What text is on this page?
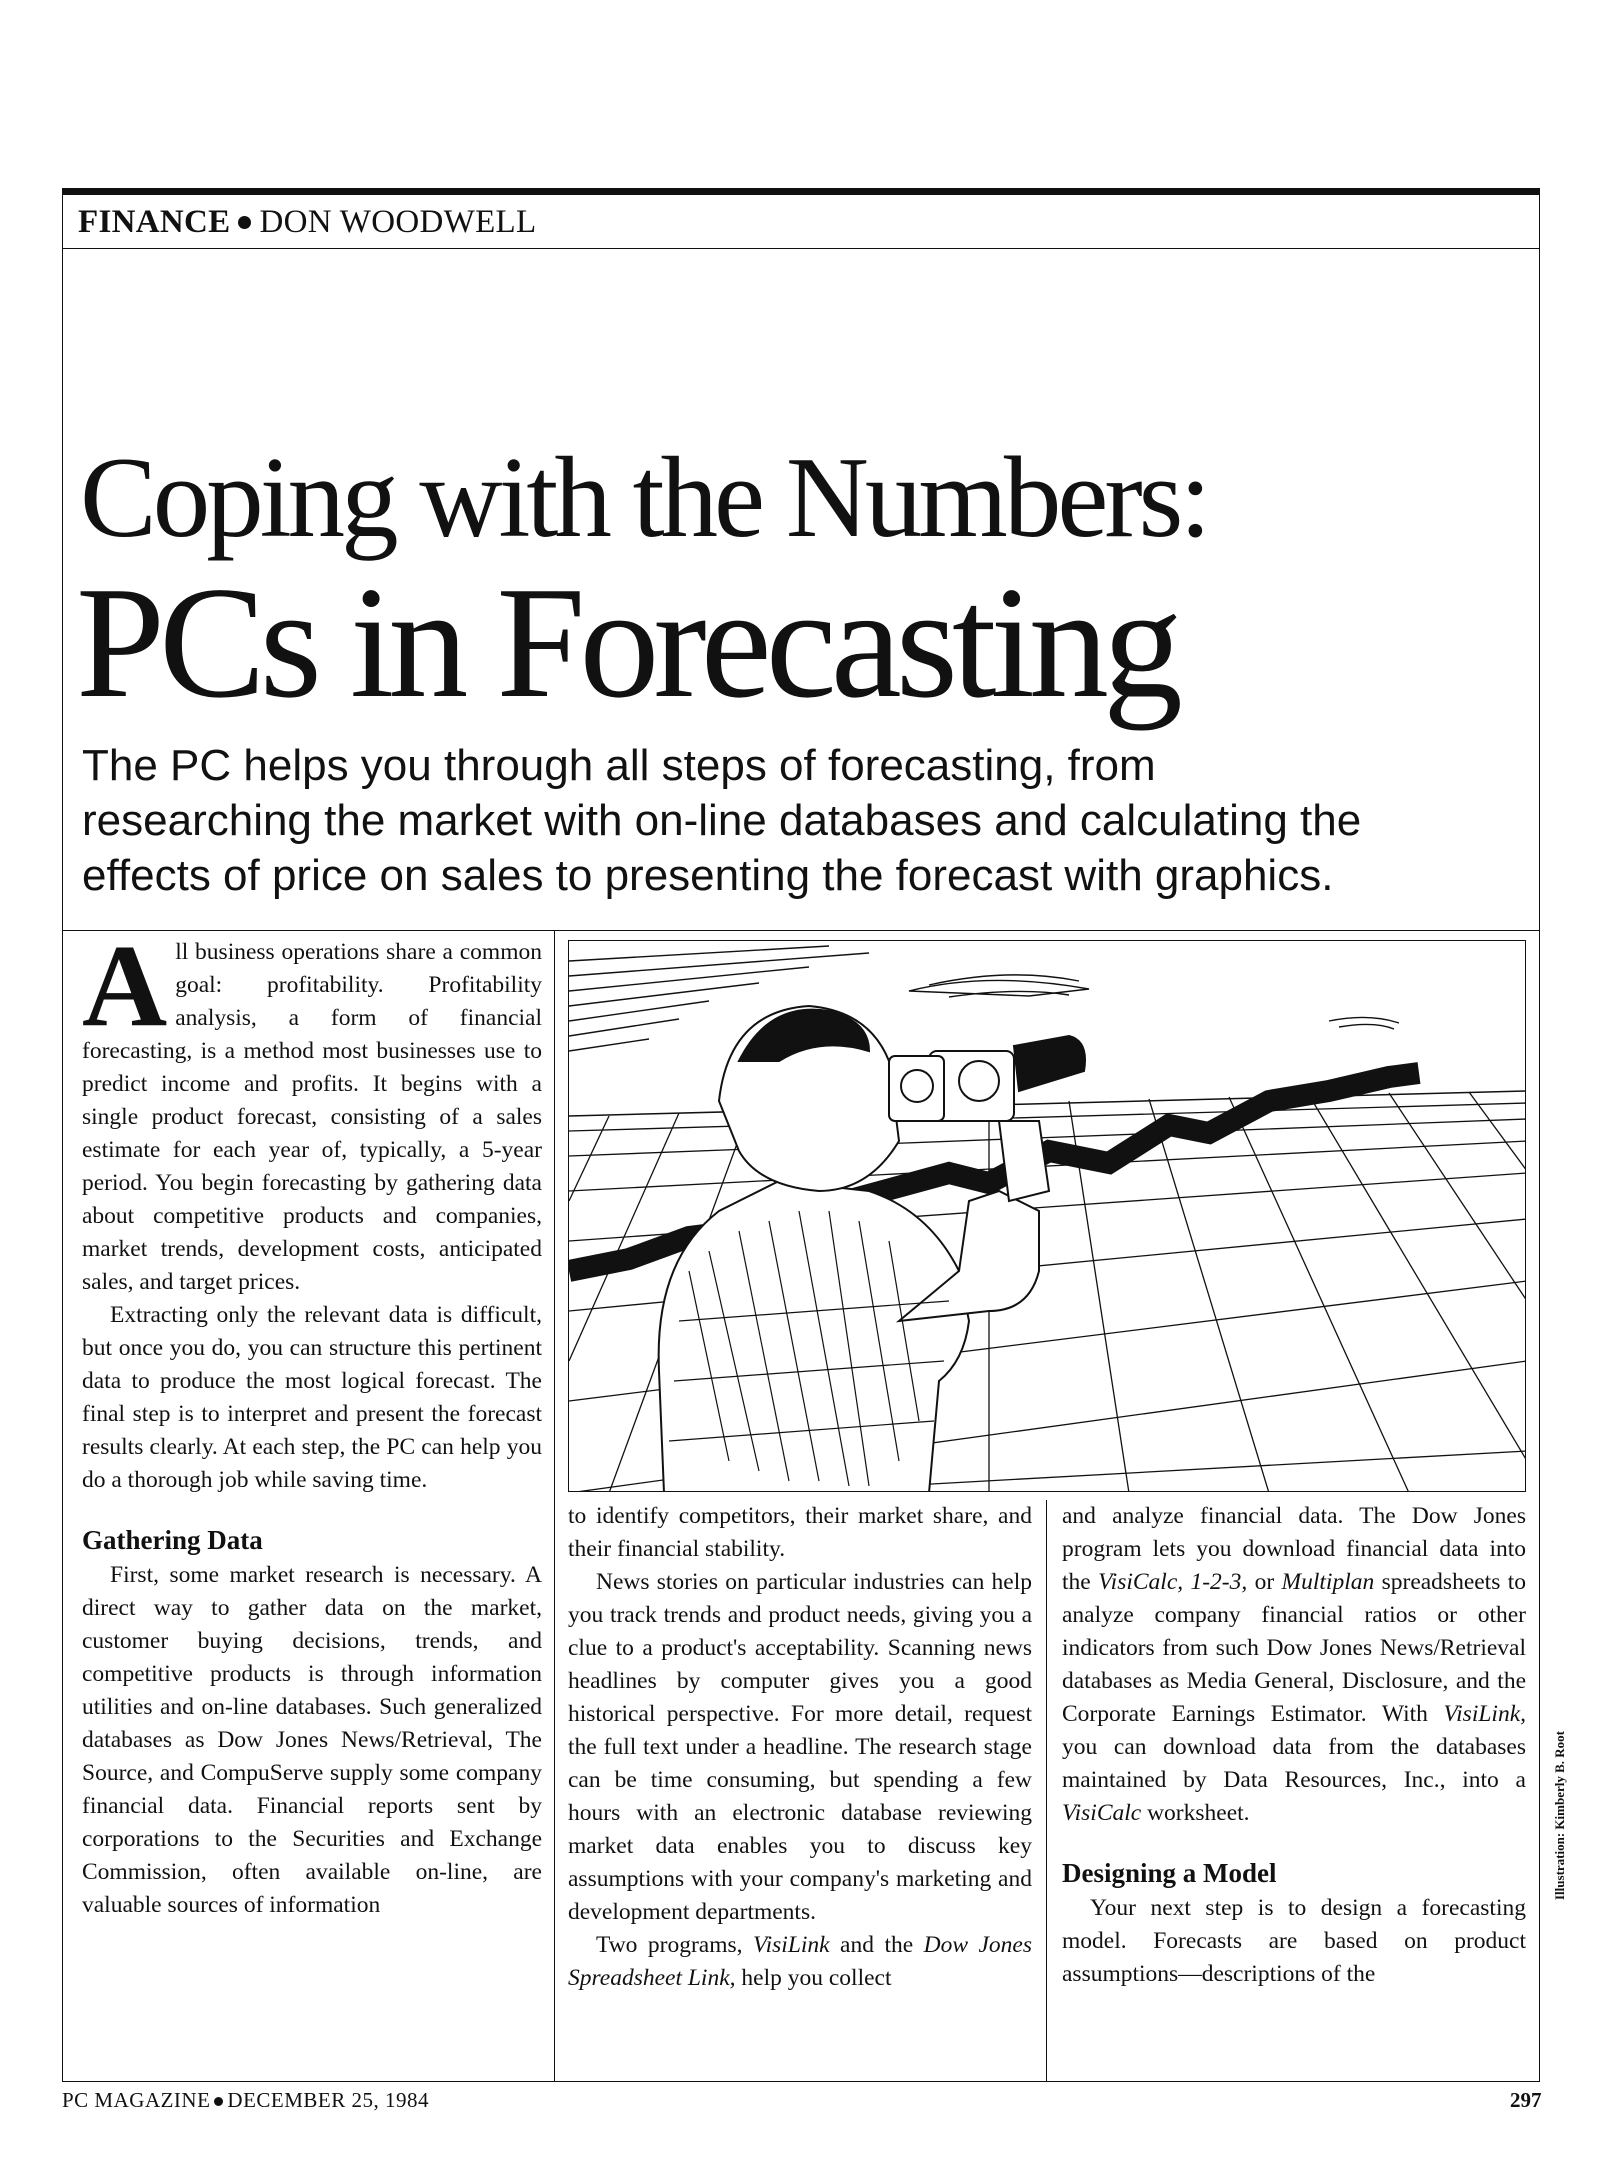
FINANCE DON WOODWELL
Coping with the Numbers:
PCs in Forecasting
The PC helps you through all steps of forecasting, from
researching the market with on-line databases and calculating the
effects of price on sales to presenting the forecast with graphics.

All business operations share a common goal: profitability. Profitability analysis, a form of financial forecasting, is a method most businesses use to predict income and profits. It begins with a single product forecast, consisting of a sales estimate for each year of, typically, a 5-year period. You begin forecasting by gathering data about competitive products and companies, market trends, development costs, anticipated sales, and target prices.

Extracting only the relevant data is difficult, but once you do, you can structure this pertinent data to produce the most logical forecast. The final step is to interpret and present the forecast results clearly. At each step, the PC can help you do a thorough job while saving time.

Gathering Data

First, some market research is necessary. A direct way to gather data on the market, customer buying decisions, trends, and competitive products is through information utilities and on-line databases. Such generalized databases as Dow Jones News/Retrieval, The Source, and CompuServe supply some company financial data. Financial reports sent by corporations to the Securities and Exchange Commission, often available on-line, are valuable sources of information

to identify competitors, their market share, and their financial stability.

News stories on particular industries can help you track trends and product needs, giving you a clue to a product's acceptability. Scanning news headlines by computer gives you a good historical perspective. For more detail, request the full text under a headline. The research stage can be time consuming, but spending a few hours with an electronic database reviewing market data enables you to discuss key assumptions with your company's marketing and development departments.

Two programs, VisiLink and the Dow Jones Spreadsheet Link, help you collect

and analyze financial data. The Dow Jones program lets you download financial data into the VisiCalc, 1-2-3, or Multiplan spreadsheets to analyze company financial ratios or other indicators from such Dow Jones News/Retrieval databases as Media General, Disclosure, and the Corporate Earnings Estimator. With VisiLink, you can download data from the databases maintained by Data Resources, Inc., into a VisiCalc worksheet.

Designing a Model

Your next step is to design a forecasting model. Forecasts are based on product assumptions—descriptions of the

Illustration: Kimberly B. Root
PC MAGAZINE DECEMBER 25, 1984	297
